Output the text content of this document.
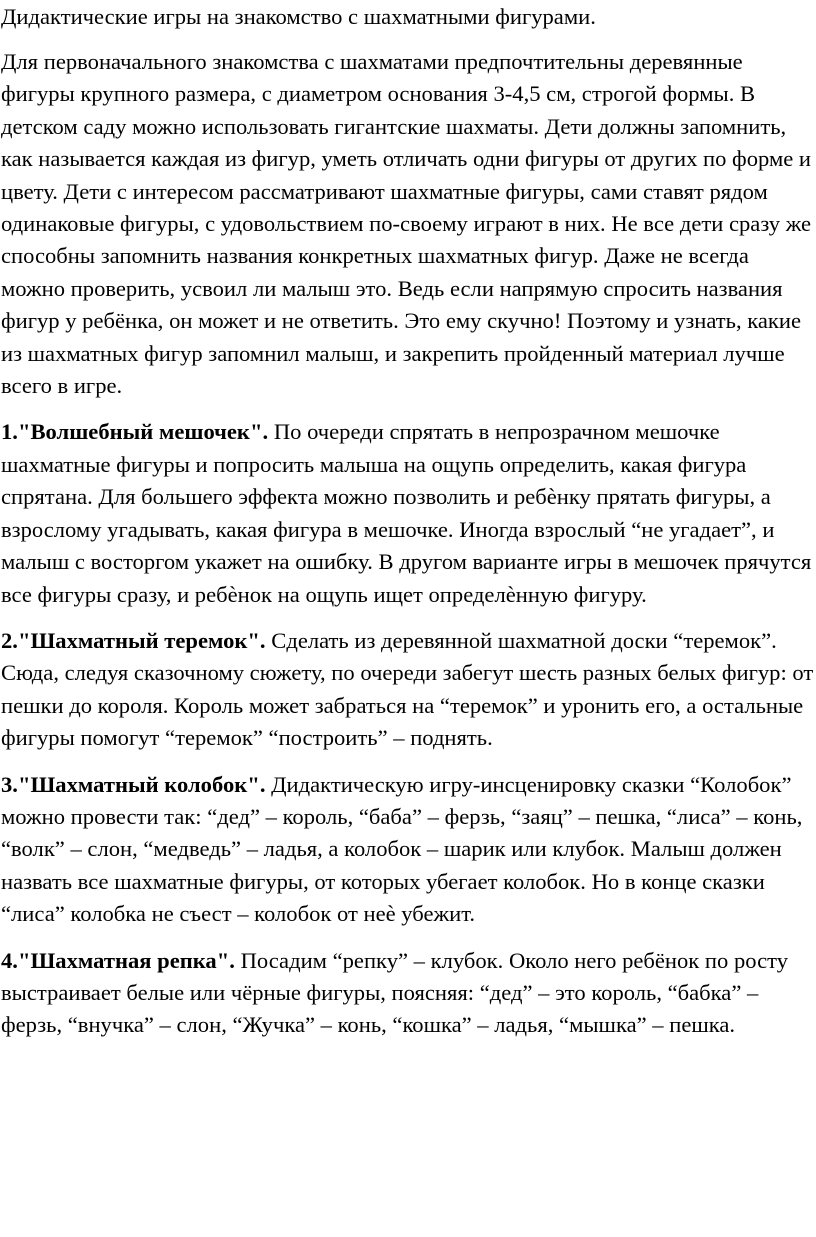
Дидактические игры на знакомство с шахматными фигурами.

Для первоначального знакомства с шахматами предпочтительны деревянные фигуры крупного размера, с диаметром основания 3-4,5 см, строгой формы. В детском саду можно использовать гигантские шахматы. Дети должны запомнить, как называется каждая из фигур, уметь отличать одни фигуры от других по форме и цвету. Дети с интересом рассматривают шахматные фигуры, сами ставят рядом одинаковые фигуры, с удовольствием по-своему играют в них. Не все дети сразу же способны запомнить названия конкретных шахматных фигур. Даже не всегда можно проверить, усвоил ли малыш это. Ведь если напрямую спросить названия фигур у ребёнка, он может и не ответить. Это ему скучно! Поэтому и узнать, какие из шахматных фигур запомнил малыш, и закрепить пройденный материал лучше всего в игре.

1."Волшебный мешочек". По очереди спрятать в непрозрачном мешочке шахматные фигуры и попросить малыша на ощупь определить, какая фигура спрятана. Для большего эффекта можно позволить и ребѐнку прятать фигуры, а взрослому угадывать, какая фигура в мешочке. Иногда взрослый “не угадает”, и малыш с восторгом укажет на ошибку. В другом варианте игры в мешочек прячутся все фигуры сразу, и ребѐнок на ощупь ищет определѐнную фигуру.

2."Шахматный теремок". Сделать из деревянной шахматной доски “теремок”. Сюда, следуя сказочному сюжету, по очереди забегут шесть разных белых фигур: от пешки до короля. Король может забраться на “теремок” и уронить его, а остальные фигуры помогут “теремок” “построить” – поднять.

3."Шахматный колобок". Дидактическую игру-инсценировку сказки “Колобок” можно провести так: “дед” – король, “баба” – ферзь, “заяц” – пешка, “лиса” – конь, “волк” – слон, “медведь” – ладья, а колобок – шарик или клубок. Малыш должен назвать все шахматные фигуры, от которых убегает колобок. Но в конце сказки “лиса” колобка не съест – колобок от неѐ убежит.

4."Шахматная репка". Посадим “репку” – клубок. Около него ребёнок по росту выстраивает белые или чёрные фигуры, поясняя: “дед” – это король, “бабка” – ферзь, “внучка” – слон, “Жучка” – конь, “кошка” – ладья, “мышка” – пешка.
